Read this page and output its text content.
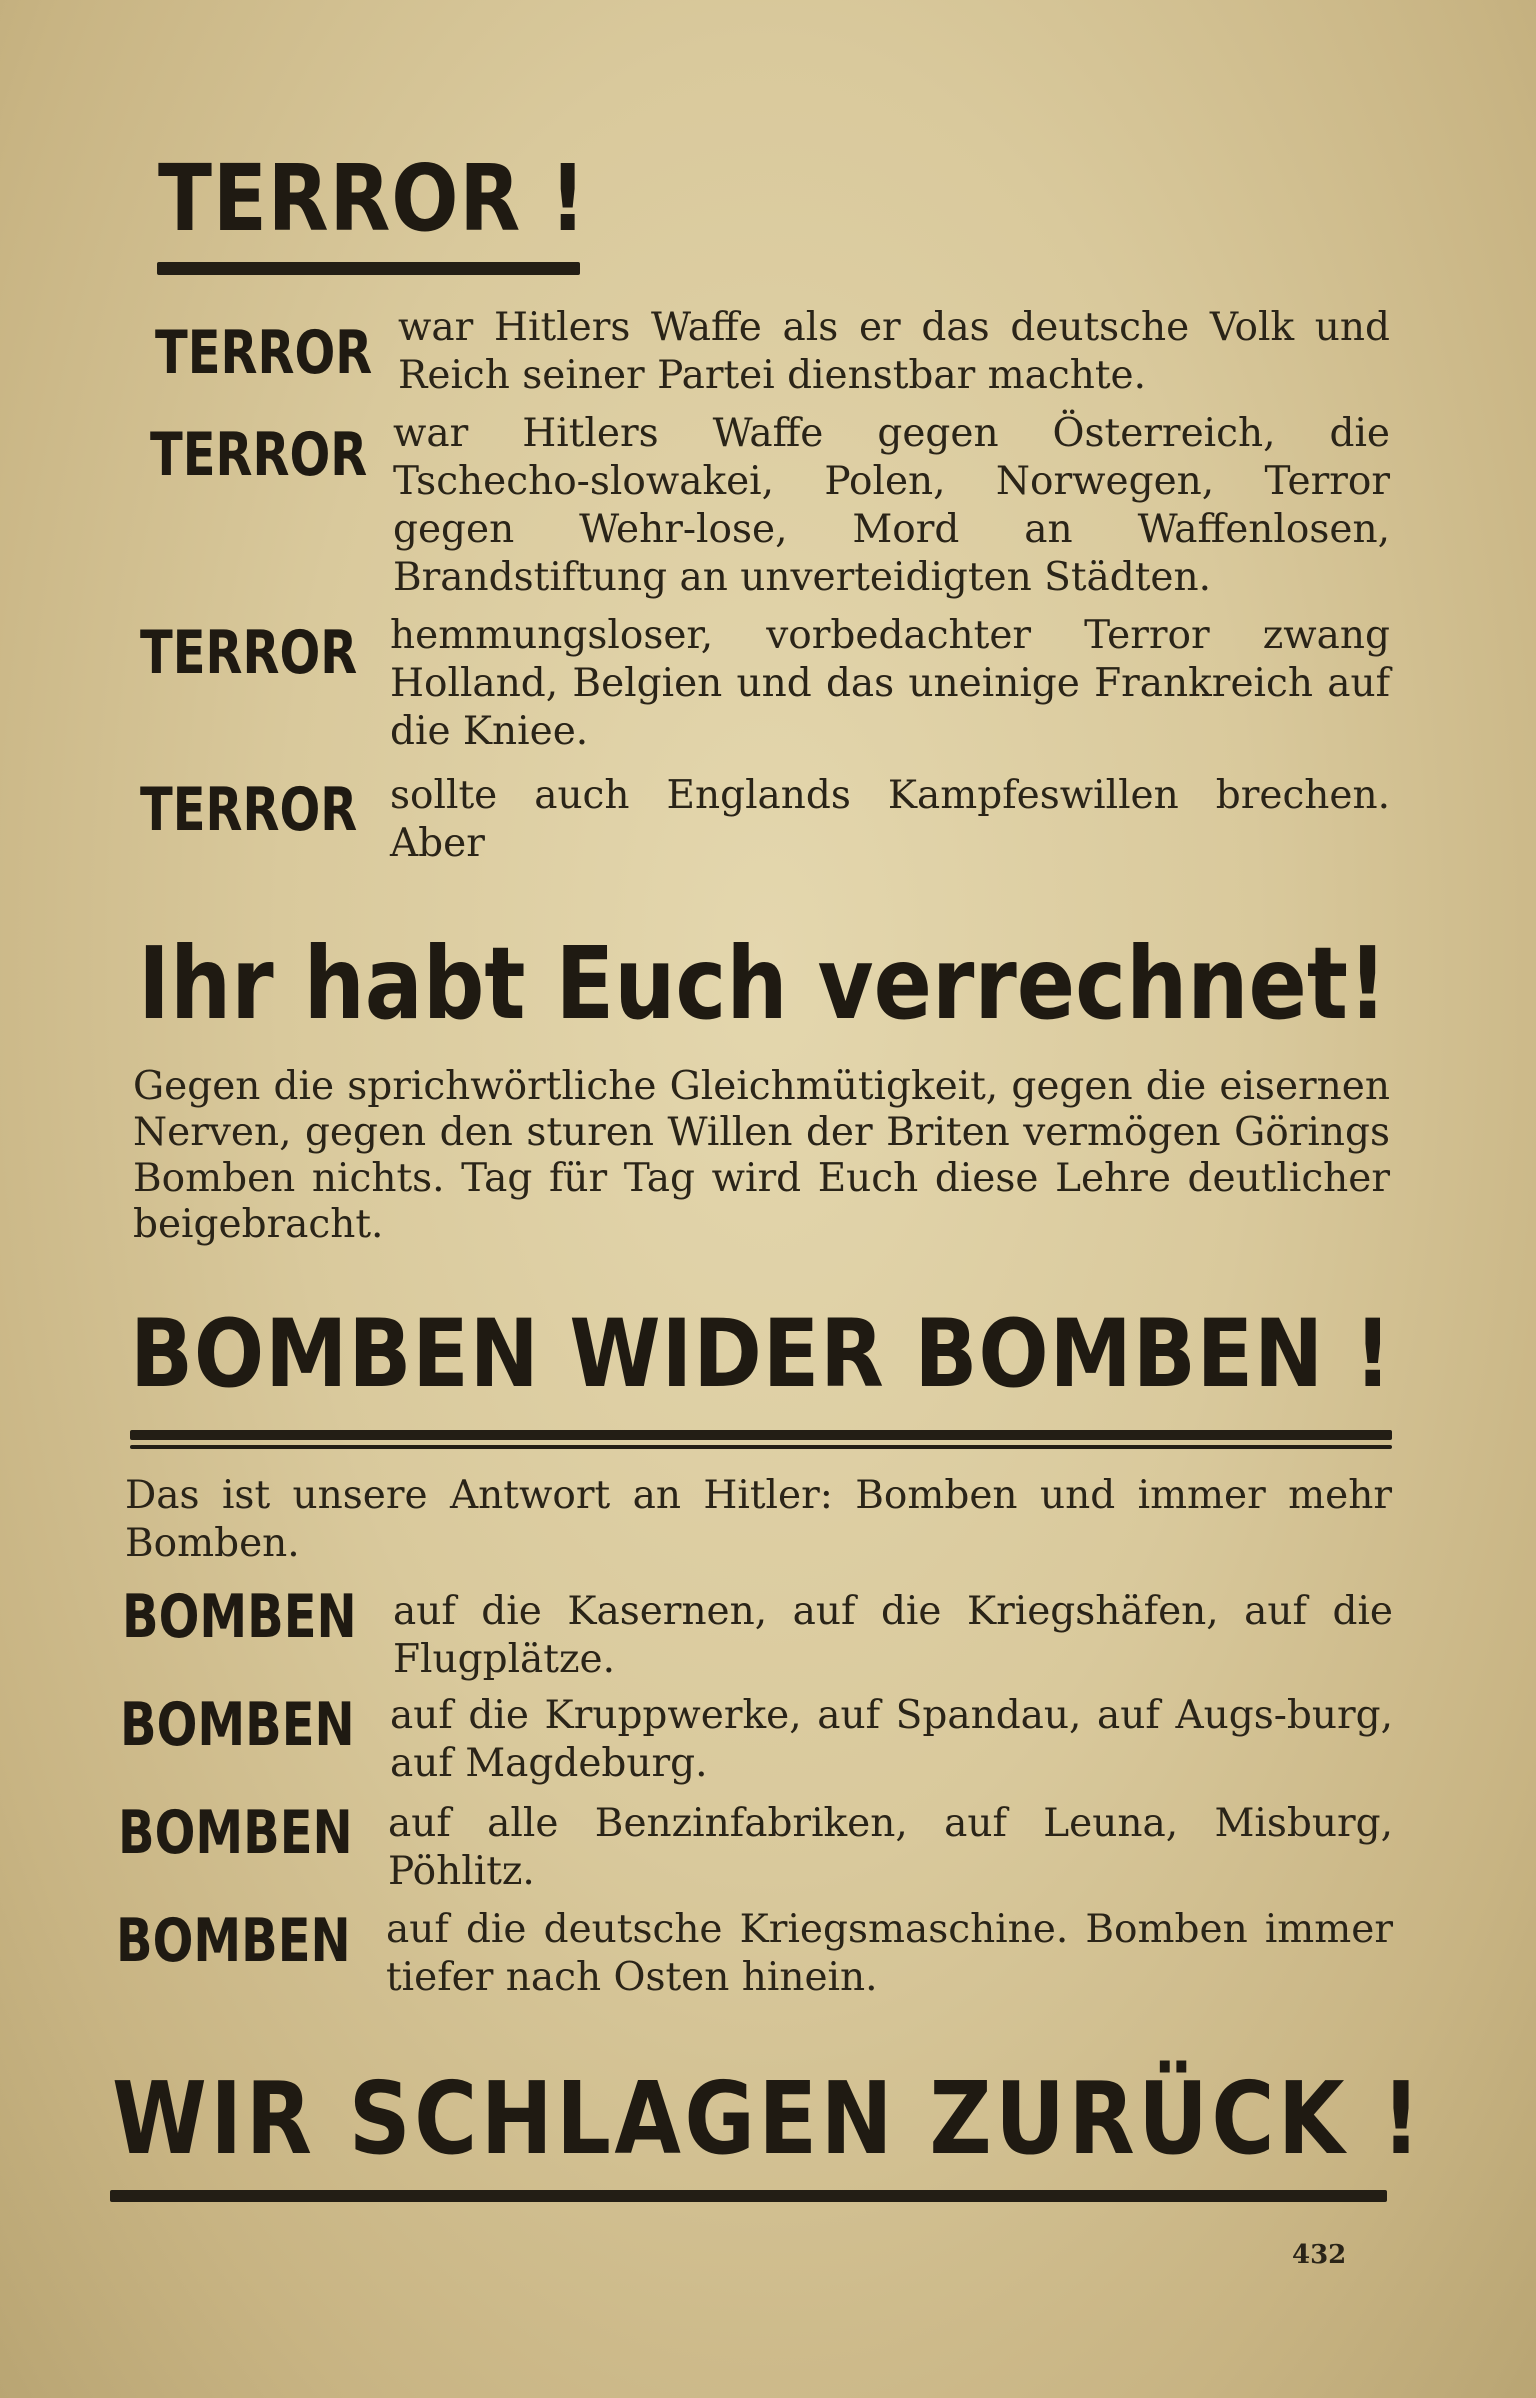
TERROR !
TERROR war Hitlers Waffe als er das deutsche Volk und Reich seiner Partei dienstbar machte.
TERROR war Hitlers Waffe gegen Österreich, die Tschecho-slowakei, Polen, Norwegen, Terror gegen Wehr-lose, Mord an Waffenlosen, Brandstiftung an unverteidigten Städten.
TERROR hemmungsloser, vorbedachter Terror zwang Holland, Belgien und das uneinige Frankreich auf die Kniee.
TERROR sollte auch Englands Kampfeswillen brechen. Aber
Ihr habt Euch verrechnet!
Gegen die sprichwörtliche Gleichmütigkeit, gegen die eisernen Nerven, gegen den sturen Willen der Briten vermögen Görings Bomben nichts. Tag für Tag wird Euch diese Lehre deutlicher beigebracht.
BOMBEN WIDER BOMBEN !
Das ist unsere Antwort an Hitler: Bomben und immer mehr Bomben.
BOMBEN auf die Kasernen, auf die Kriegshäfen, auf die Flugplätze.
BOMBEN auf die Kruppwerke, auf Spandau, auf Augs-burg, auf Magdeburg.
BOMBEN auf alle Benzinfabriken, auf Leuna, Misburg, Pöhlitz.
BOMBEN auf die deutsche Kriegsmaschine. Bomben immer tiefer nach Osten hinein.
WIR SCHLAGEN ZURÜCK !
432
